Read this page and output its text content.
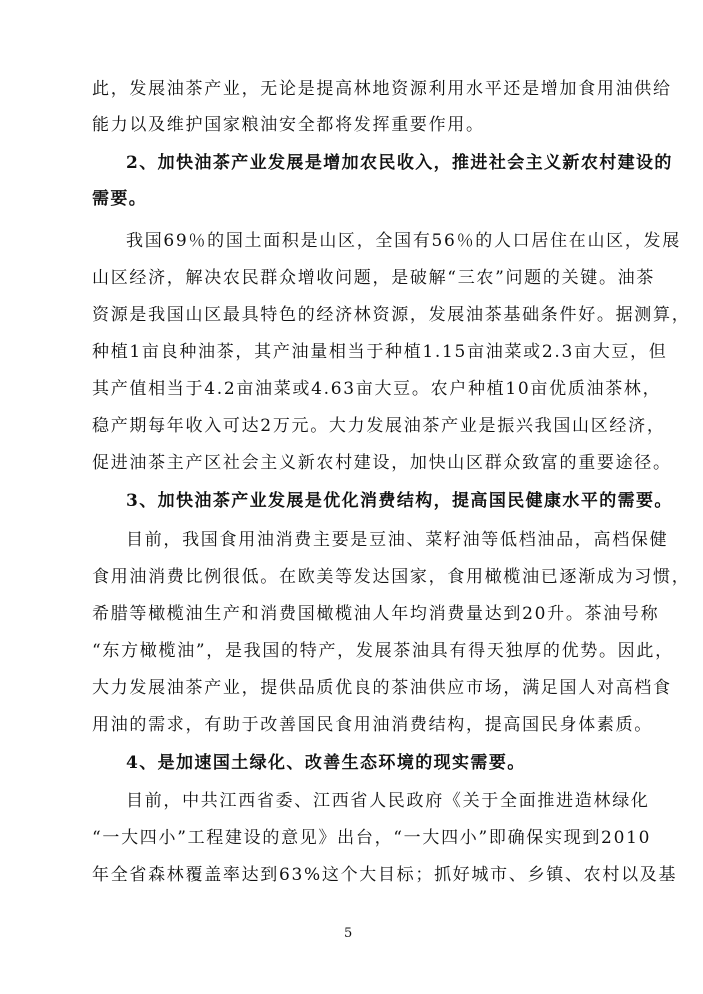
此，发展油茶产业，无论是提高林地资源利用水平还是增加食用油供给
能力以及维护国家粮油安全都将发挥重要作用。
2、加快油茶产业发展是增加农民收入，推进社会主义新农村建设的
需要。
我国69％的国土面积是山区，全国有56％的人口居住在山区，发展
山区经济，解决农民群众增收问题，是破解“三农”问题的关键。油茶
资源是我国山区最具特色的经济林资源，发展油茶基础条件好。据测算，
种植1亩良种油茶，其产油量相当于种植1.15亩油菜或2.3亩大豆，但
其产值相当于4.2亩油菜或4.63亩大豆。农户种植10亩优质油茶林，
稳产期每年收入可达2万元。大力发展油茶产业是振兴我国山区经济，
促进油茶主产区社会主义新农村建设，加快山区群众致富的重要途径。
3、加快油茶产业发展是优化消费结构，提高国民健康水平的需要。
目前，我国食用油消费主要是豆油、菜籽油等低档油品，高档保健
食用油消费比例很低。在欧美等发达国家，食用橄榄油已逐渐成为习惯，
希腊等橄榄油生产和消费国橄榄油人年均消费量达到20升。茶油号称
“东方橄榄油”，是我国的特产，发展茶油具有得天独厚的优势。因此，
大力发展油茶产业，提供品质优良的茶油供应市场，满足国人对高档食
用油的需求，有助于改善国民食用油消费结构，提高国民身体素质。
4、是加速国土绿化、改善生态环境的现实需要。
目前，中共江西省委、江西省人民政府《关于全面推进造林绿化
“一大四小”工程建设的意见》出台，“一大四小”即确保实现到2010
年全省森林覆盖率达到63%这个大目标；抓好城市、乡镇、农村以及基
5
